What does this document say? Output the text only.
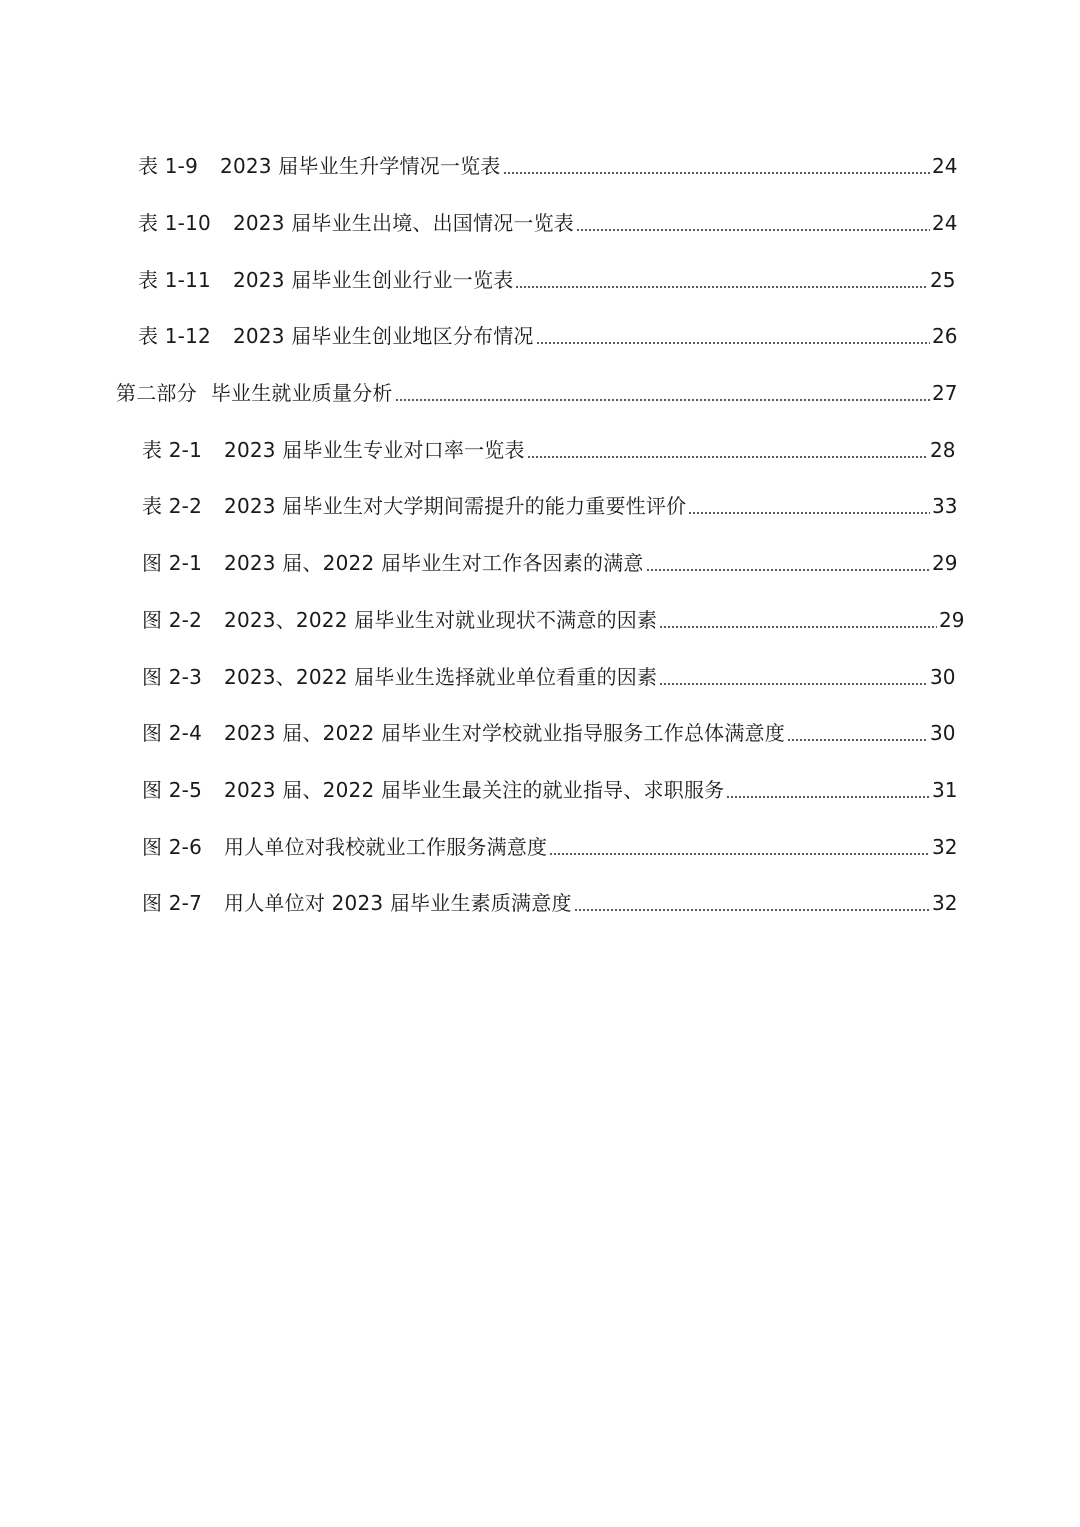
表 1-9 2023 届毕业生升学情况一览表	24
表 1-10 2023 届毕业生出境、出国情况一览表	24
表 1-11 2023 届毕业生创业行业一览表	25
表 1-12 2023 届毕业生创业地区分布情况	26
第二部分 毕业生就业质量分析	27
表 2-1 2023 届毕业生专业对口率一览表	28
表 2-2 2023 届毕业生对大学期间需提升的能力重要性评价	33
图 2-1 2023 届、2022 届毕业生对工作各因素的满意	29
图 2-2 2023、2022 届毕业生对就业现状不满意的因素	29
图 2-3 2023、2022 届毕业生选择就业单位看重的因素	30
图 2-4 2023 届、2022 届毕业生对学校就业指导服务工作总体满意度	30
图 2-5 2023 届、2022 届毕业生最关注的就业指导、求职服务	31
图 2-6 用人单位对我校就业工作服务满意度	32
图 2-7 用人单位对 2023 届毕业生素质满意度	32
